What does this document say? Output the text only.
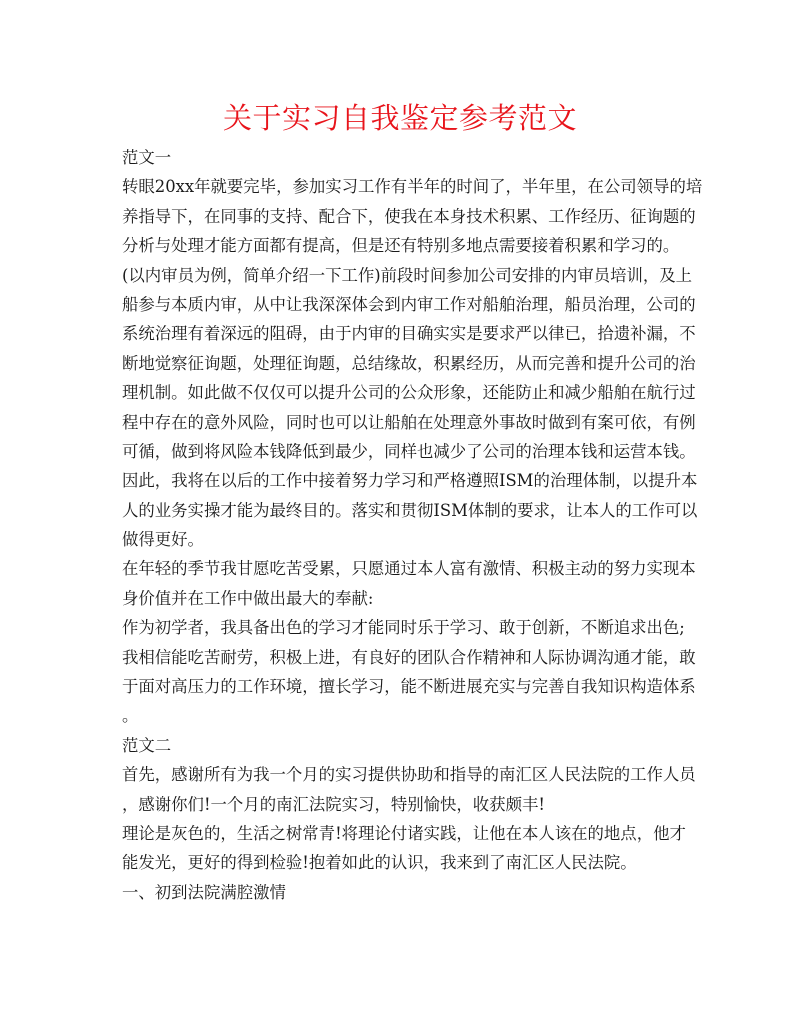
关于实习自我鉴定参考范文
范文一
转眼20xx年就要完毕，参加实习工作有半年的时间了，半年里，在公司领导的培
养指导下，在同事的支持、配合下，使我在本身技术积累、工作经历、征询题的
分析与处理才能方面都有提高，但是还有特别多地点需要接着积累和学习的。
(以内审员为例，简单介绍一下工作)前段时间参加公司安排的内审员培训，及上
船参与本质内审，从中让我深深体会到内审工作对船舶治理，船员治理，公司的
系统治理有着深远的阻碍，由于内审的目确实实是要求严以律已，拾遗补漏，不
断地觉察征询题，处理征询题，总结缘故，积累经历，从而完善和提升公司的治
理机制。如此做不仅仅可以提升公司的公众形象，还能防止和减少船舶在航行过
程中存在的意外风险，同时也可以让船舶在处理意外事故时做到有案可依，有例
可循，做到将风险本钱降低到最少，同样也减少了公司的治理本钱和运营本钱。
因此，我将在以后的工作中接着努力学习和严格遵照ISM的治理体制，以提升本
人的业务实操才能为最终目的。落实和贯彻ISM体制的要求，让本人的工作可以
做得更好。
在年轻的季节我甘愿吃苦受累，只愿通过本人富有激情、积极主动的努力实现本
身价值并在工作中做出最大的奉献:
作为初学者，我具备出色的学习才能同时乐于学习、敢于创新，不断追求出色;
我相信能吃苦耐劳，积极上进，有良好的团队合作精神和人际协调沟通才能，敢
于面对高压力的工作环境，擅长学习，能不断进展充实与完善自我知识构造体系
。
范文二
首先，感谢所有为我一个月的实习提供协助和指导的南汇区人民法院的工作人员
，感谢你们!一个月的南汇法院实习，特别愉快，收获颇丰!
理论是灰色的，生活之树常青!将理论付诸实践，让他在本人该在的地点，他才
能发光，更好的得到检验!抱着如此的认识，我来到了南汇区人民法院。
一、初到法院满腔激情
